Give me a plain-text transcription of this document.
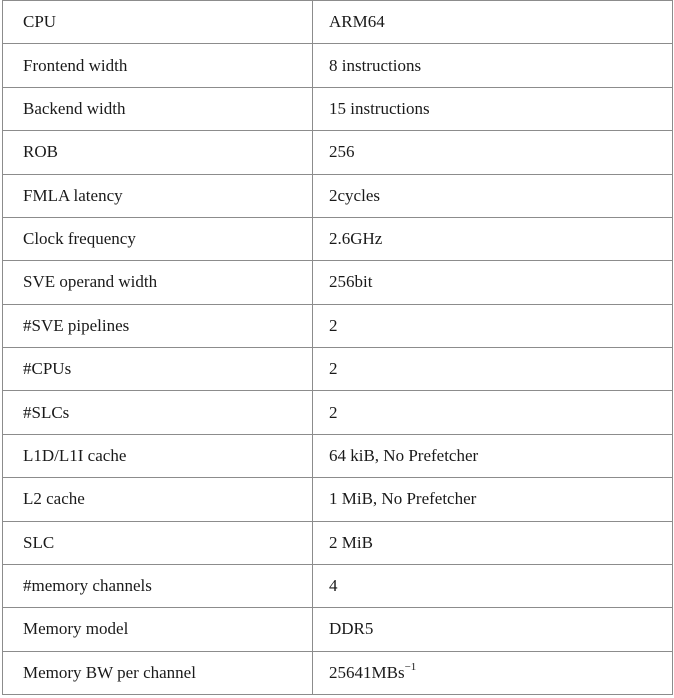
CPU	ARM64
Frontend width	8 instructions
Backend width	15 instructions
ROB	256
FMLA latency	2cycles
Clock frequency	2.6GHz
SVE operand width	256bit
#SVE pipelines	2
#CPUs	2
#SLCs	2
L1D/L1I cache	64 kiB, No Prefetcher
L2 cache	1 MiB, No Prefetcher
SLC	2 MiB
#memory channels	4
Memory model	DDR5
Memory BW per channel	25641MBs$^{-1}$
